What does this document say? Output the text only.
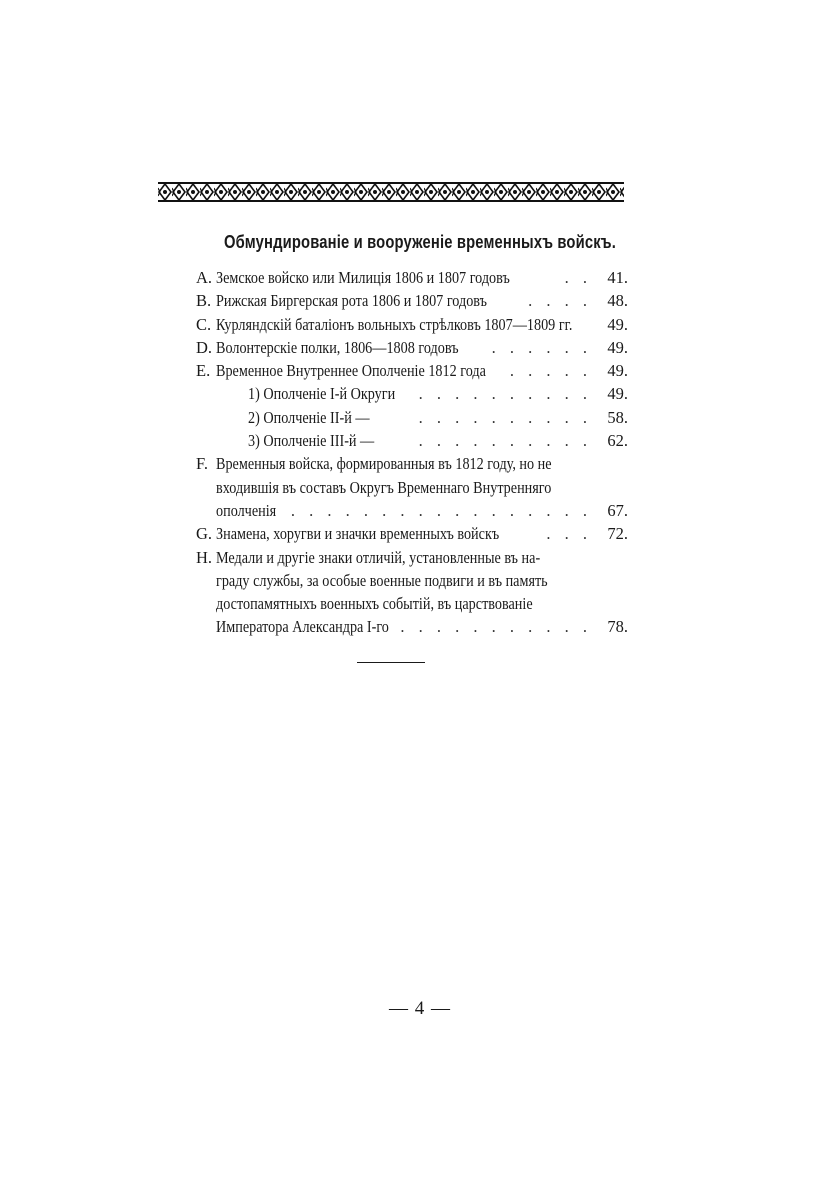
Обмундированіе и вооруженіе временныхъ войскъ.
A. Земское войско или Милиція 1806 и 1807 годовъ	. . 41.
B. Рижская Биргерская рота 1806 и 1807 годовъ	. . . . 48.
C. Курляндскій баталіонъ вольныхъ стрѣлковъ 1807—1809 гг. 49.
D. Волонтерскіе полки, 1806—1808 годовъ	. . . . . . 49.
E. Временное Внутреннее Ополченіе 1812 года	. . . . . 49.
1) Ополченіе I-й Округи	. . . . . . . . . . 49.
2) Ополченіе II-й —	. . . . . . . . . . 58.
3) Ополченіе III-й —	. . . . . . . . . . 62.
F. Временныя войска, формированныя въ 1812 году, но не
входившія въ составъ Округъ Временнаго Внутренняго
ополченія . . . . . . . . . . . . . . . . . 67.
G. Знамена, хоругви и значки временныхъ войскъ	. . . 72.
H. Медали и другіе знаки отличій, установленные въ на-
граду службы, за особые военные подвиги и въ память
достопамятныхъ военныхъ событій, въ царствованіе
Императора Александра I-го . . . . . . . . . . . 78.
— 4 —
